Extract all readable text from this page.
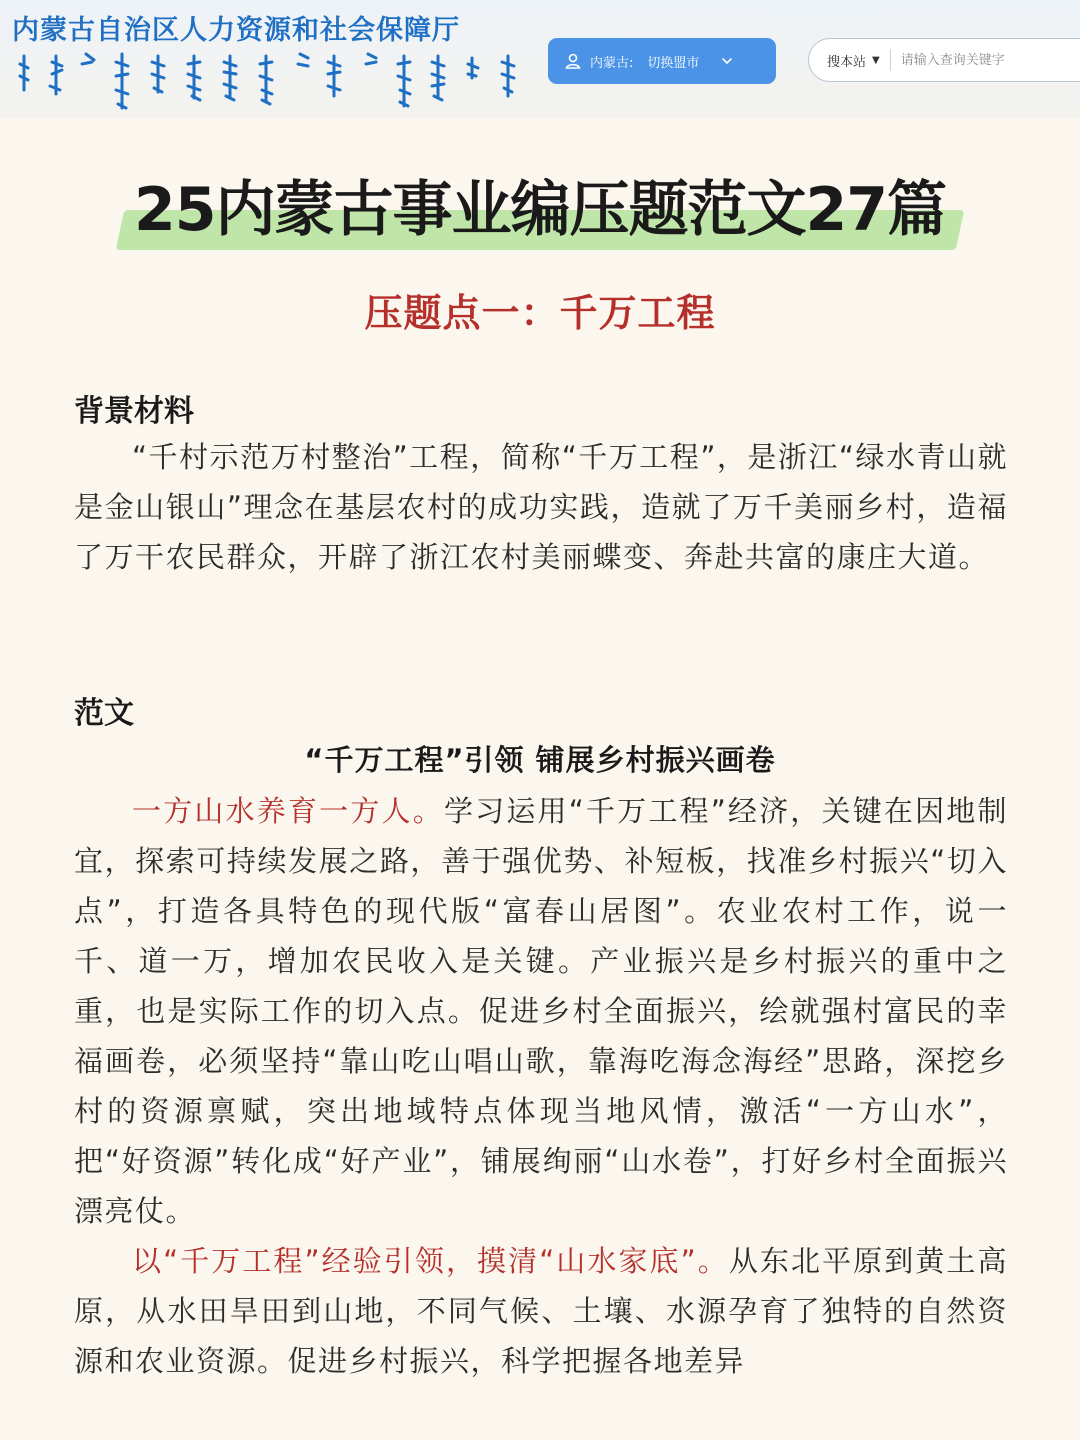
内蒙古自治区人力资源和社会保障厅
内蒙古: 切换盟市	搜本站 ▼
请输入查询关键字
25内蒙古事业编压题范文27篇
压题点一：千万工程
背景材料

“千村示范万村整治”工程，简称“千万工程”，是浙江“绿水青山就是金山银山”理念在基层农村的成功实践，造就了万千美丽乡村，造福了万干农民群众，开辟了浙江农村美丽蝶变、奔赴共富的康庄大道。

范文
“千万工程”引领 铺展乡村振兴画卷

一方山水养育一方人。学习运用“千万工程”经济，关键在因地制宜，探索可持续发展之路，善于强优势、补短板，找准乡村振兴“切入点”，打造各具特色的现代版“富春山居图”。农业农村工作，说一千、道一万，增加农民收入是关键。产业振兴是乡村振兴的重中之重，也是实际工作的切入点。促进乡村全面振兴，绘就强村富民的幸福画卷，必须坚持“靠山吃山唱山歌，靠海吃海念海经”思路，深挖乡村的资源禀赋，突出地域特点体现当地风情，激活“一方山水”，把“好资源”转化成“好产业”，铺展绚丽“山水卷”，打好乡村全面振兴漂亮仗。

以“千万工程”经验引领，摸清“山水家底”。从东北平原到黄土高原，从水田旱田到山地，不同气候、土壤、水源孕育了独特的自然资源和农业资源。促进乡村振兴，科学把握各地差异
